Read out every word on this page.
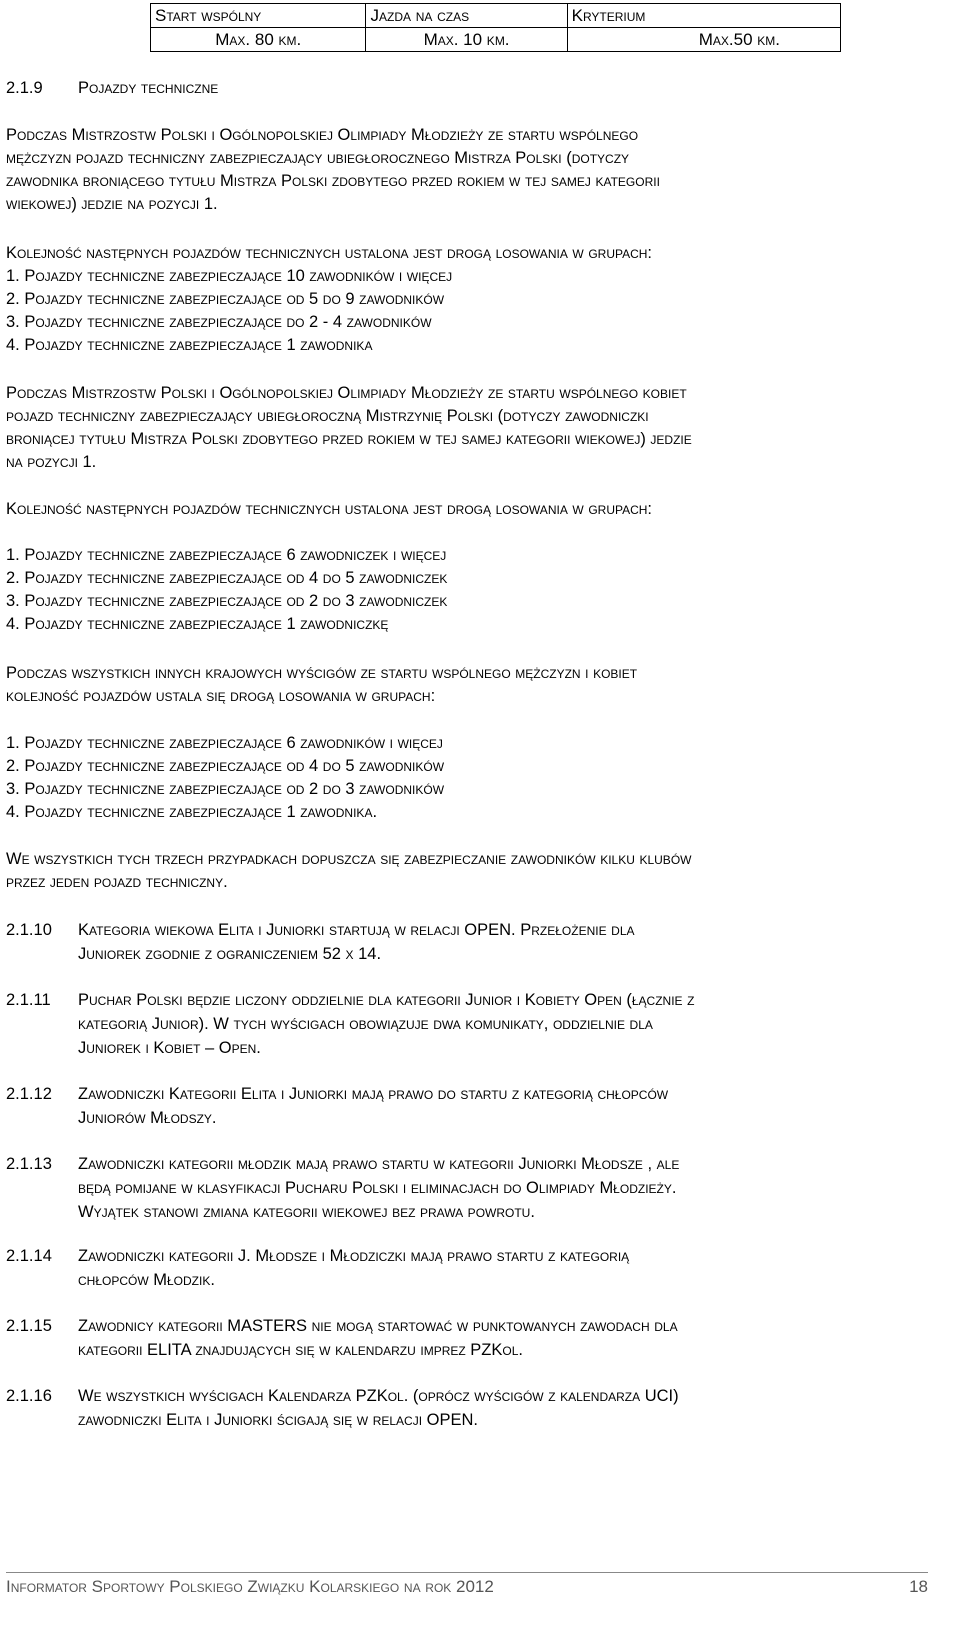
Start wspólny	Jazda na czas	Kryterium
Max. 80 km.	Max. 10 km.	Max.50 km.
2.1.9 Pojazdy techniczne
Podczas Mistrzostw Polski i Ogólnopolskiej Olimpiady Młodzieży ze startu wspólnego
mężczyzn pojazd techniczny zabezpieczający ubiegłorocznego Mistrza Polski (dotyczy
zawodnika broniącego tytułu Mistrza Polski zdobytego przed rokiem w tej samej kategorii
wiekowej) jedzie na pozycji 1.
Kolejność następnych pojazdów technicznych ustalona jest drogą losowania w grupach:
1. Pojazdy techniczne zabezpieczające 10 zawodników i więcej
2. Pojazdy techniczne zabezpieczające od 5 do 9 zawodników
3. Pojazdy techniczne zabezpieczające do 2 - 4 zawodników
4. Pojazdy techniczne zabezpieczające 1 zawodnika
Podczas Mistrzostw Polski i Ogólnopolskiej Olimpiady Młodzieży ze startu wspólnego kobiet
pojazd techniczny zabezpieczający ubiegłoroczną Mistrzynię Polski (dotyczy zawodniczki
broniącej tytułu Mistrza Polski zdobytego przed rokiem w tej samej kategorii wiekowej) jedzie
na pozycji 1.
Kolejność następnych pojazdów technicznych ustalona jest drogą losowania w grupach:
1. Pojazdy techniczne zabezpieczające 6 zawodniczek i więcej
2. Pojazdy techniczne zabezpieczające od 4 do 5 zawodniczek
3. Pojazdy techniczne zabezpieczające od 2 do 3 zawodniczek
4. Pojazdy techniczne zabezpieczające 1 zawodniczkę
Podczas wszystkich innych krajowych wyścigów ze startu wspólnego mężczyzn i kobiet
kolejność pojazdów ustala się drogą losowania w grupach:
1. Pojazdy techniczne zabezpieczające 6 zawodników i więcej
2. Pojazdy techniczne zabezpieczające od 4 do 5 zawodników
3. Pojazdy techniczne zabezpieczające od 2 do 3 zawodników
4. Pojazdy techniczne zabezpieczające 1 zawodnika.
We wszystkich tych trzech przypadkach dopuszcza się zabezpieczanie zawodników kilku klubów
przez jeden pojazd techniczny.
2.1.10 Kategoria wiekowa Elita i Juniorki startują w relacji OPEN. Przełożenie dla
Juniorek zgodnie z ograniczeniem 52 x 14.
2.1.11 Puchar Polski będzie liczony oddzielnie dla kategorii Junior i Kobiety Open (łącznie z
kategorią Junior). W tych wyścigach obowiązuje dwa komunikaty, oddzielnie dla
Juniorek i Kobiet – Open.
2.1.12 Zawodniczki Kategorii Elita i Juniorki mają prawo do startu z kategorią chłopców
Juniorów Młodszy.
2.1.13 Zawodniczki kategorii młodzik mają prawo startu w kategorii Juniorki Młodsze , ale
będą pomijane w klasyfikacji Pucharu Polski i eliminacjach do Olimpiady Młodzieży.
Wyjątek stanowi zmiana kategorii wiekowej bez prawa powrotu.
2.1.14 Zawodniczki kategorii J. Młodsze i Młodziczki mają prawo startu z kategorią
chłopców Młodzik.
2.1.15 Zawodnicy kategorii MASTERS nie mogą startować w punktowanych zawodach dla
kategorii ELITA znajdujących się w kalendarzu imprez PZKol.
2.1.16 We wszystkich wyścigach Kalendarza PZKol. (oprócz wyścigów z kalendarza UCI)
zawodniczki Elita i Juniorki ścigają się w relacji OPEN.
Informator Sportowy Polskiego Związku Kolarskiego na rok 2012	18
